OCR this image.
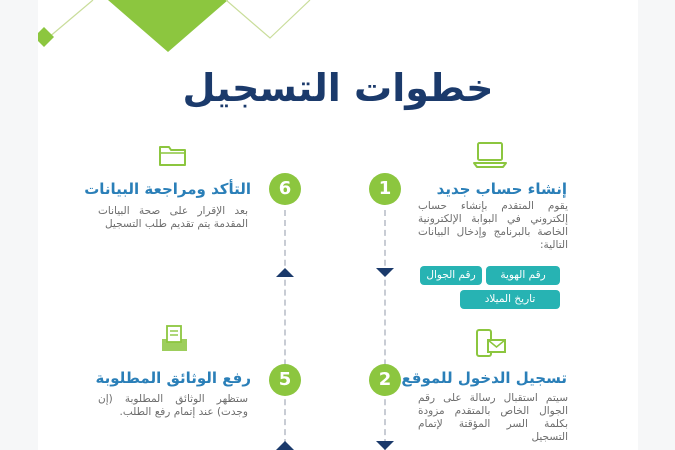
خطوات التسجيل
1	إنشاء حساب جديد
يقوم المتقدم بإنشاء حساب إلكتروني في البوابة الإلكترونية الخاصة بالبرنامج وإدخال البيانات التالية:
رقم الهوية
رقم الجوال
تاريخ الميلاد
6
التأكد ومراجعة البيانات
بعد الإقرار على صحة البيانات المقدمة يتم تقديم طلب التسجيل
2 تسجيل الدخول للموقع
سيتم استقبال رسالة على رقم الجوال الخاص بالمتقدم مزودة بكلمة السر المؤقتة لإتمام التسجيل
5
رفع الوثائق المطلوبة
ستظهر الوثائق المطلوبة (إن وجدت) عند إتمام رفع الطلب.
